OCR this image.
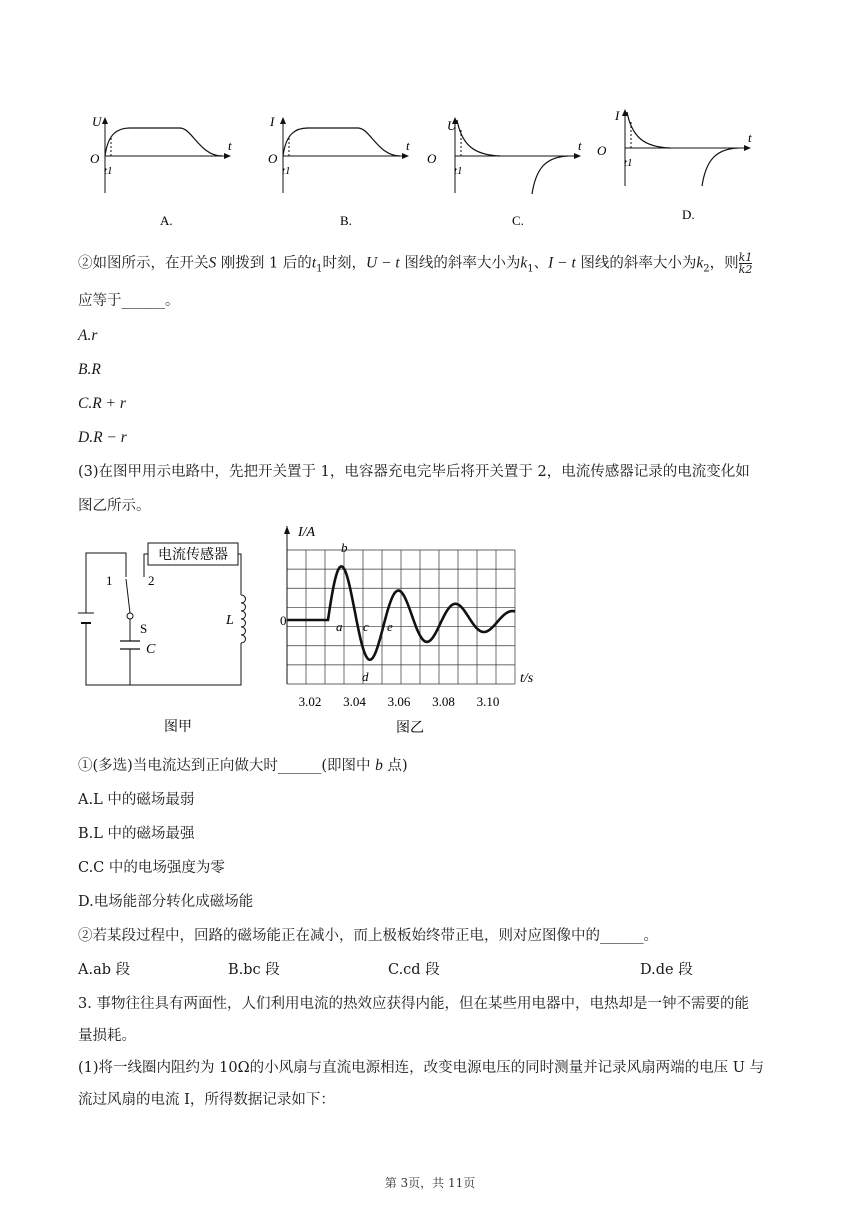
U
O
t
t1
A.
I
O
t
t1
B.
U
O
t
t1
C.
I
O
t
t1
D.
②如图所示，在开关S 刚拨到 1 后的$t_1$时刻，U − t 图线的斜率大小为$k_1$、I − t 图线的斜率大小为$k_2$，则 $\frac{k1}{k2}$
应等于______。
A.r
B.R
C.R + r
D.R − r
(3)在图甲用示电路中，先把开关置于 1，电容器充电完毕后将开关置于 2，电流传感器记录的电流变化如
图乙所示。
电流传感器
1	2
S
C
L
图甲
I/A
0
t/s
3.02 3.04 3.06 3.08 3.10
b
a c
d
e
图乙
①(多选)当电流达到正向做大时______(即图中 b 点)
A.L 中的磁场最弱
B.L 中的磁场最强
C.C 中的电场强度为零
D.电场能部分转化成磁场能
②若某段过程中，回路的磁场能正在减小，而上极板始终带正电，则对应图像中的______。
A.ab 段	B.bc 段	C.cd 段	D.de 段
3. 事物往往具有两面性，人们利用电流的热效应获得内能，但在某些用电器中，电热却是一钟不需要的能
量损耗。
(1)将一线圈内阻约为 10Ω的小风扇与直流电源相连，改变电源电压的同时测量并记录风扇两端的电压 U 与
流过风扇的电流 I，所得数据记录如下：
第 3页，共 11页
